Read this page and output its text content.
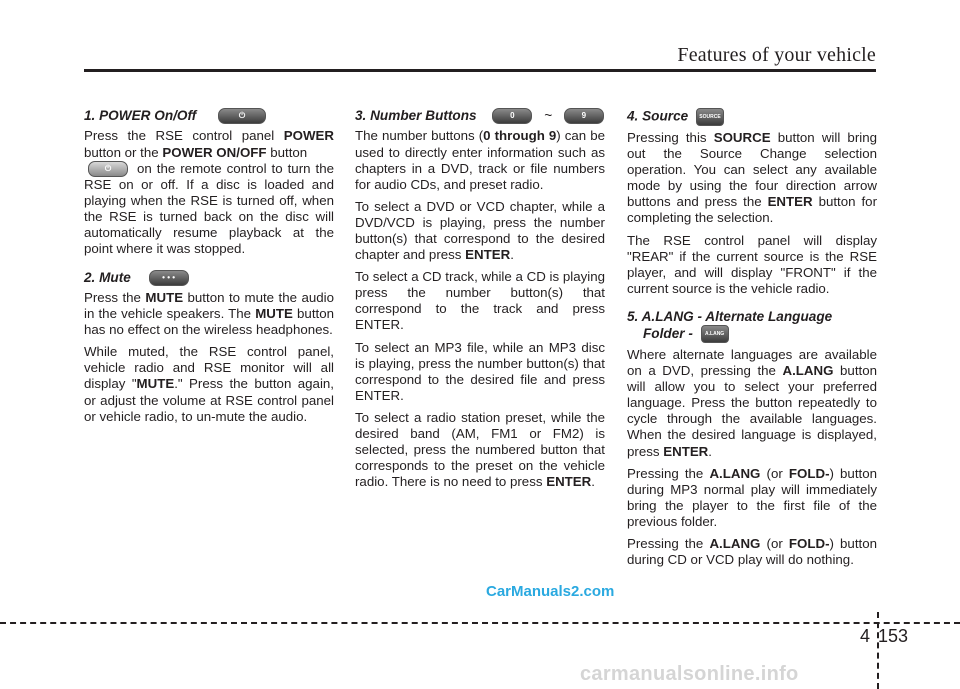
Features of your vehicle
1. POWER On/Off	⏻

Press the RSE control panel POWER button or the POWER ON/OFF button
⏻ on the remote control to turn the RSE on or off. If a disc is loaded and playing when the RSE is turned off, when the RSE is turned back on the disc will automatically resume playback at the point where it was stopped.

2. Mute	• • •

Press the MUTE button to mute the audio in the vehicle speakers. The MUTE button has no effect on the wireless headphones.

While muted, the RSE control panel, vehicle radio and RSE monitor will all display "MUTE." Press the button again, or adjust the volume at RSE control panel or vehicle radio, to un-mute the audio.

3. Number Buttons	0 ~	9

The number buttons (0 through 9) can be used to directly enter information such as chapters in a DVD, track or file numbers for audio CDs, and preset radio.

To select a DVD or VCD chapter, while a DVD/VCD is playing, press the number button(s) that correspond to the desired chapter and press ENTER.

To select a CD track, while a CD is playing press the number button(s) that correspond to the track and press ENTER.

To select an MP3 file, while an MP3 disc is playing, press the number button(s) that correspond to the desired file and press ENTER.

To select a radio station preset, while the desired band (AM, FM1 or FM2) is selected, press the numbered button that corresponds to the preset on the vehicle radio. There is no need to press ENTER.

4. Source SOURCE

Pressing this SOURCE button will bring out the Source Change selection operation. You can select any available mode by using the four direction arrow buttons and press the ENTER button for completing the selection.

The RSE control panel will display "REAR" if the current source is the RSE player, and will display "FRONT" if the current source is the vehicle radio.

5. A.LANG - Alternate Language
Folder - A.LANG

Where alternate languages are available on a DVD, pressing the A.LANG button will allow you to select your preferred language. Press the button repeatedly to cycle through the available languages. When the desired language is displayed, press ENTER.

Pressing the A.LANG (or FOLD-) button during MP3 normal play will immediately bring the player to the first file of the previous folder.

Pressing the A.LANG (or FOLD-) button during CD or VCD play will do nothing.

CarManuals2.com
4 153
carmanualsonline.info
